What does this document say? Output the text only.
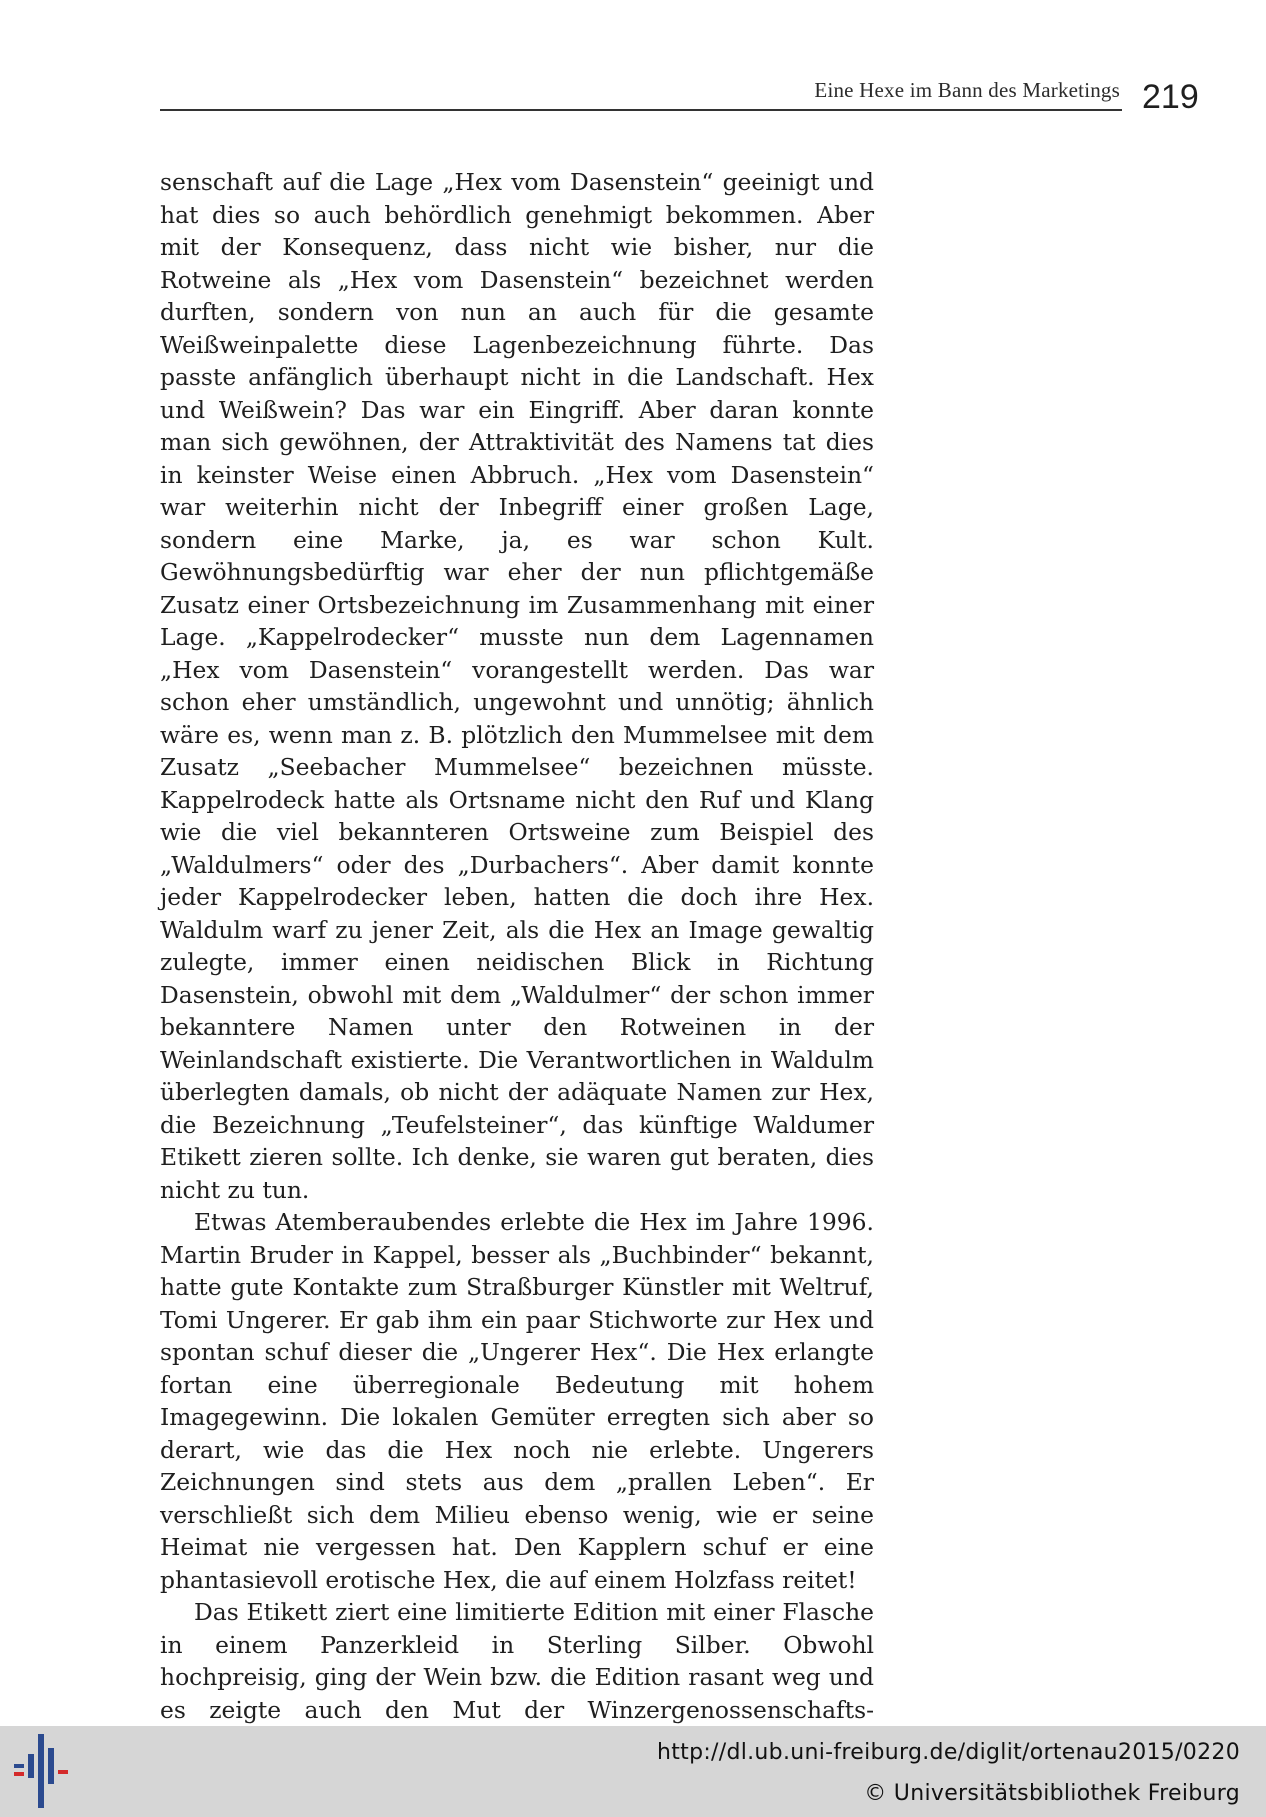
Eine Hexe im Bann des Marketings 219

senschaft auf die Lage „Hex vom Dasenstein“ geeinigt und hat dies so auch behördlich genehmigt bekommen. Aber mit der Konsequenz, dass nicht wie bisher, nur die Rotweine als „Hex vom Dasenstein“ bezeichnet werden durften, sondern von nun an auch für die gesamte Weißweinpalette diese Lagenbezeichnung führte. Das passte anfänglich überhaupt nicht in die Landschaft. Hex und Weißwein? Das war ein Eingriff. Aber daran konnte man sich gewöhnen, der Attraktivität des Namens tat dies in keinster Weise einen Abbruch. „Hex vom Dasenstein“ war weiterhin nicht der Inbegriff einer großen Lage, sondern eine Marke, ja, es war schon Kult. Gewöhnungsbedürftig war eher der nun pflichtgemäße Zusatz einer Ortsbezeichnung im Zusammenhang mit einer Lage. „Kappelrodecker“ musste nun dem Lagennamen „Hex vom Dasenstein“ vorangestellt werden. Das war schon eher umständlich, ungewohnt und unnötig; ähnlich wäre es, wenn man z. B. plötzlich den Mummelsee mit dem Zusatz „Seebacher Mummelsee“ bezeichnen müsste. Kappelrodeck hatte als Ortsname nicht den Ruf und Klang wie die viel bekannteren Ortsweine zum Beispiel des „Waldulmers“ oder des „Durbachers“. Aber damit konnte jeder Kappelrodecker leben, hatten die doch ihre Hex. Waldulm warf zu jener Zeit, als die Hex an Image gewaltig zulegte, immer einen neidischen Blick in Richtung Dasenstein, obwohl mit dem „Waldulmer“ der schon immer bekanntere Namen unter den Rotweinen in der Weinlandschaft existierte. Die Verantwortlichen in Waldulm überlegten damals, ob nicht der adäquate Namen zur Hex, die Bezeichnung „Teufelsteiner“, das künftige Waldumer Etikett zieren sollte. Ich denke, sie waren gut beraten, dies nicht zu tun.

Etwas Atemberaubendes erlebte die Hex im Jahre 1996. Martin Bruder in Kappel, besser als „Buchbinder“ bekannt, hatte gute Kontakte zum Straßburger Künstler mit Weltruf, Tomi Ungerer. Er gab ihm ein paar Stichworte zur Hex und spontan schuf dieser die „Ungerer Hex“. Die Hex erlangte fortan eine überregionale Bedeutung mit hohem Imagegewinn. Die lokalen Gemüter erregten sich aber so derart, wie das die Hex noch nie erlebte. Ungerers Zeichnungen sind stets aus dem „prallen Leben“. Er verschließt sich dem Milieu ebenso wenig, wie er seine Heimat nie vergessen hat. Den Kapplern schuf er eine phantasievoll erotische Hex, die auf einem Holzfass reitet!

Das Etikett ziert eine limitierte Edition mit einer Flasche in einem Panzerkleid in Sterling Silber. Obwohl hochpreisig, ging der Wein bzw. die Edition rasant weg und es zeigte auch den Mut der Winzergenossenschafts-

http://dl.ub.uni-freiburg.de/diglit/ortenau2015/0220
© Universitätsbibliothek Freiburg
